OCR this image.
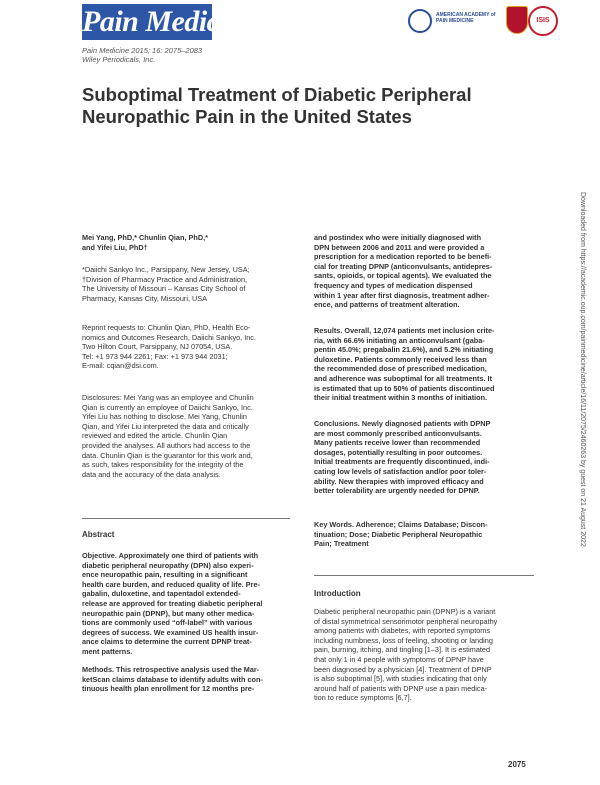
Pain Medicine	AMERICAN ACADEMY of PAIN MEDICINE	ISIS
Pain Medicine 2015; 16: 2075–2083
Wiley Periodicals, Inc.
Suboptimal Treatment of Diabetic Peripheral Neuropathic Pain in the United States
Downloaded from https://academic.oup.com/painmedicine/article/16/11/2075/2460263 by guest on 21 August 2022
Mei Yang, PhD,* Chunlin Qian, PhD,*
and Yifei Liu, PhD†
*Daiichi Sankyo Inc., Parsippany, New Jersey, USA;
†Division of Pharmacy Practice and Administration,
The University of Missouri – Kansas City School of
Pharmacy, Kansas City, Missouri, USA
Reprint requests to: Chunlin Qian, PhD, Health Eco-
nomics and Outcomes Research, Daiichi Sankyo, Inc.
Two Hilton Court, Parsippany, NJ 07054, USA.
Tel: +1 973 944 2261; Fax: +1 973 944 2031;
E-mail: cqian@dsi.com.
Disclosures: Mei Yang was an employee and Chunlin
Qian is currently an employee of Daiichi Sankyo, Inc.
Yifei Liu has nothing to disclose. Mei Yang, Chunlin
Qian, and Yifei Liu interpreted the data and critically
reviewed and edited the article. Chunlin Qian
provided the analyses. All authors had access to the
data. Chunlin Qian is the guarantor for this work and,
as such, takes responsibility for the integrity of the
data and the accuracy of the data analysis.
Abstract
Objective. Approximately one third of patients with
diabetic peripheral neuropathy (DPN) also experi-
ence neuropathic pain, resulting in a significant
health care burden, and reduced quality of life. Pre-
gabalin, duloxetine, and tapentadol extended-
release are approved for treating diabetic peripheral
neuropathic pain (DPNP), but many other medica-
tions are commonly used “off-label” with various
degrees of success. We examined US health insur-
ance claims to determine the current DPNP treat-
ment patterns.
Methods. This retrospective analysis used the Mar-
ketScan claims database to identify adults with con-
tinuous health plan enrollment for 12 months pre-
and postindex who were initially diagnosed with
DPN between 2006 and 2011 and were provided a
prescription for a medication reported to be benefi-
cial for treating DPNP (anticonvulsants, antidepres-
sants, opioids, or topical agents). We evaluated the
frequency and types of medication dispensed
within 1 year after first diagnosis, treatment adher-
ence, and patterns of treatment alteration.
Results. Overall, 12,074 patients met inclusion crite-
ria, with 66.6% initiating an anticonvulsant (gaba-
pentin 45.0%; pregabalin 21.6%), and 5.2% initiating
duloxetine. Patients commonly received less than
the recommended dose of prescribed medication,
and adherence was suboptimal for all treatments. It
is estimated that up to 50% of patients discontinued
their initial treatment within 3 months of initiation.
Conclusions. Newly diagnosed patients with DPNP
are most commonly prescribed anticonvulsants.
Many patients receive lower than recommended
dosages, potentially resulting in poor outcomes.
Initial treatments are frequently discontinued, indi-
cating low levels of satisfaction and/or poor toler-
ability. New therapies with improved efficacy and
better tolerability are urgently needed for DPNP.
Key Words. Adherence; Claims Database; Discon-
tinuation; Dose; Diabetic Peripheral Neuropathic
Pain; Treatment
Introduction
Diabetic peripheral neuropathic pain (DPNP) is a variant
of distal symmetrical sensorimotor peripheral neuropathy
among patients with diabetes, with reported symptoms
including numbness, loss of feeling, shooting or landing
pain, burning, itching, and tingling [1–3]. It is estimated
that only 1 in 4 people with symptoms of DPNP have
been diagnosed by a physician [4]. Treatment of DPNP
is also suboptimal [5], with studies indicating that only
around half of patients with DPNP use a pain medica-
tion to reduce symptoms [6,7].
2075
